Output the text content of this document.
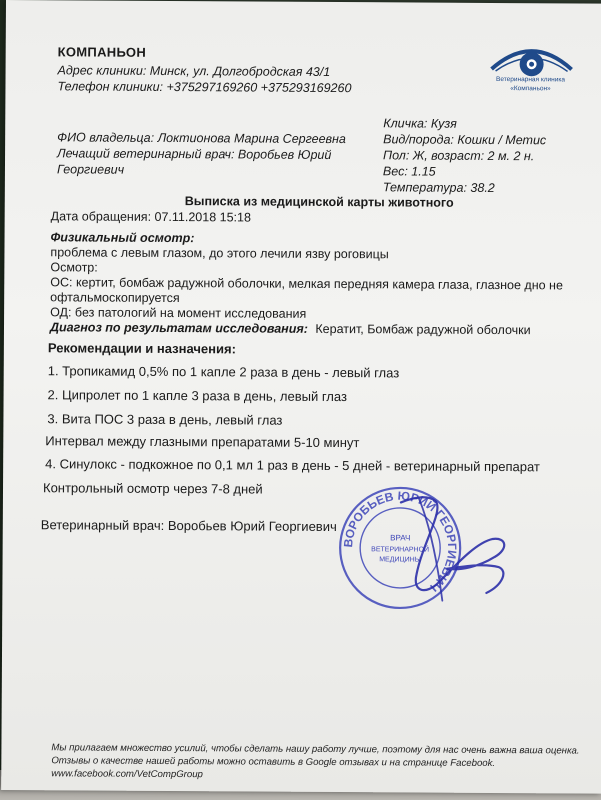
КОМПАНЬОН
Адрес клиники: Минск, ул. Долгобродская 43/1
Телефон клиники: +375297169260 +375293169260	Ветеринарная клиника
«Компаньон»
ФИО владельца: Локтионова Марина Сергеевна
Лечащий ветеринарный врач: Воробьев Юрий
Георгиевич
Кличка: Кузя
Вид/порода: Кошки / Метис
Пол: Ж, возраст: 2 м. 2 н.
Вес: 1.15
Температура: 38.2
Выписка из медицинской карты животного
Дата обращения: 07.11.2018 15:18
Физикальный осмотр:
проблема с левым глазом, до этого лечили язву роговицы
Осмотр:
ОС: кертит, бомбаж радужной оболочки, мелкая передняя камера глаза, глазное дно не
офтальмоскопируется
ОД: без патологий на момент исследования
Диагноз по результатам исследования: Кератит, Бомбаж радужной оболочки
Рекомендации и назначения:
1. Тропикамид 0,5% по 1 капле 2 раза в день - левый глаз
2. Ципролет по 1 капле 3 раза в день, левый глаз
3. Вита ПОС 3 раза в день, левый глаз
Интервал между глазными препаратами 5-10 минут
4. Синулокс - подкожное по 0,1 мл 1 раз в день - 5 дней - ветеринарный препарат
Контрольный осмотр через 7-8 дней
Ветеринарный врач: Воробьев Юрий Георгиевич
ВОРОБЬЕВ ЮРИЙ ГЕОРГИЕВИЧ
ВРАЧ
ВЕТЕРИНАРНОЙ
МЕДИЦИНЫ
Мы прилагаем множество усилий, чтобы сделать нашу работу лучше, поэтому для нас очень важна ваша оценка.
Отзывы о качестве нашей работы можно оставить в Google отзывах и на странице Facebook.
www.facebook.com/VetCompGroup
